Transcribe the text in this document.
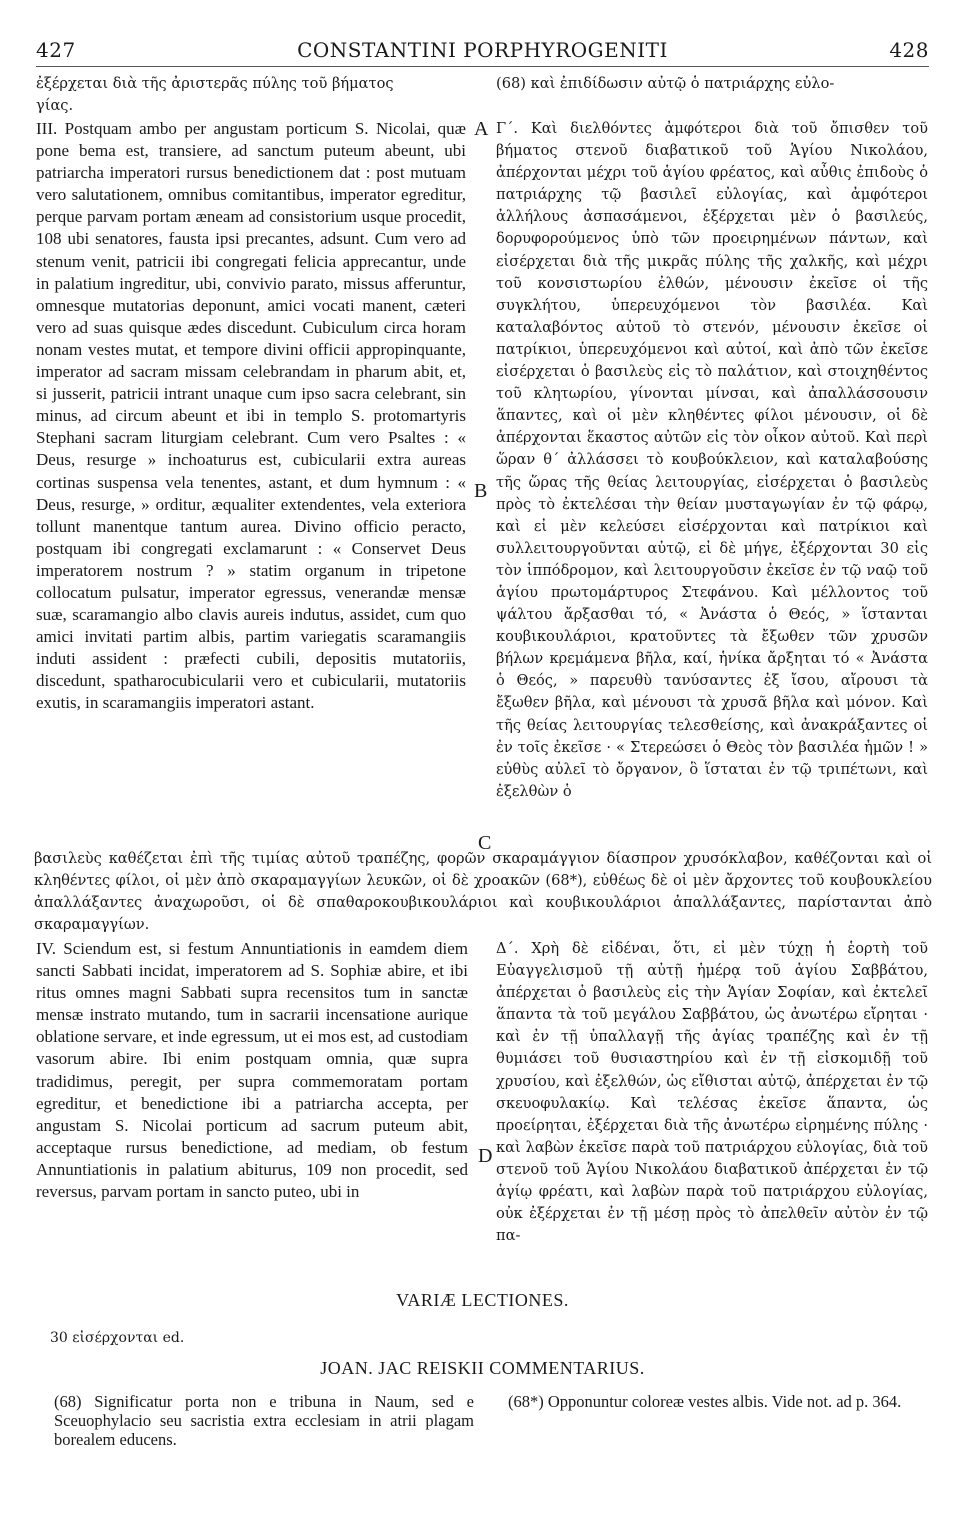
427	CONSTANTINI PORPHYROGENITI	428

ἐξέρχεται διὰ τῆς ἀριστερᾶς πύλης τοῦ βήματος

γίας.

(68) καὶ ἐπιδίδωσιν αὐτῷ ὁ πατριάρχης εὐλο-

III. Postquam ambo per angustam porticum S. Nicolai, quæ pone bema est, transiere, ad sanctum puteum abeunt, ubi patriarcha imperatori rursus benedictionem dat : post mutuam vero salutationem, omnibus comitantibus, imperator egreditur, perque parvam portam æneam ad consistorium usque procedit, 108 ubi senatores, fausta ipsi precantes, adsunt. Cum vero ad stenum venit, patricii ibi congregati felicia apprecantur, unde in palatium ingreditur, ubi, convivio parato, missus afferuntur, omnesque mutatorias deponunt, amici vocati manent, cæteri vero ad suas quisque ædes discedunt. Cubiculum circa horam nonam vestes mutat, et tempore divini officii appropinquante, imperator ad sacram missam celebrandam in pharum abit, et, si jusserit, patricii intrant unaque cum ipso sacra celebrant, sin minus, ad circum abeunt et ibi in templo S. protomartyris Stephani sacram liturgiam celebrant. Cum vero Psaltes : « Deus, resurge » inchoaturus est, cubicularii extra aureas cortinas suspensa vela tenentes, astant, et dum hymnum : « Deus, resurge, » orditur, æqualiter extendentes, vela exteriora tollunt manentque tantum aurea. Divino officio peracto, postquam ibi congregati exclamarunt : « Conservet Deus imperatorem nostrum ? » statim organum in tripetone collocatum pulsatur, imperator egressus, venerandæ mensæ suæ, scaramangio albo clavis aureis indutus, assidet, cum quo amici invitati partim albis, partim variegatis scaramangiis induti assident : præfecti cubili, depositis mutatoriis, discedunt, spatharocubicularii vero et cubicularii, mutatoriis exutis, in scaramangiis imperatori astant.

Γ΄. Καὶ διελθόντες ἀμφότεροι διὰ τοῦ ὄπισθεν τοῦ βήματος στενοῦ διαβατικοῦ τοῦ Ἁγίου Νικολάου, ἀπέρχονται μέχρι τοῦ ἁγίου φρέατος, καὶ αὖθις ἐπιδοὺς ὁ πατριάρχης τῷ βασιλεῖ εὐλογίας, καὶ ἀμφότεροι ἀλλήλους ἀσπασάμενοι, ἐξέρχεται μὲν ὁ βασιλεύς, δορυφορούμενος ὑπὸ τῶν προειρημένων πάντων, καὶ εἰσέρχεται διὰ τῆς μικρᾶς πύλης τῆς χαλκῆς, καὶ μέχρι τοῦ κονσιστωρίου ἐλθών, μένουσιν ἐκεῖσε οἱ τῆς συγκλήτου, ὑπερευχόμενοι τὸν βασιλέα. Καὶ καταλαβόντος αὐτοῦ τὸ στενόν, μένουσιν ἐκεῖσε οἱ πατρίκιοι, ὑπερευχόμενοι καὶ αὐτοί, καὶ ἀπὸ τῶν ἐκεῖσε εἰσέρχεται ὁ βασιλεὺς εἰς τὸ παλάτιον, καὶ στοιχηθέντος τοῦ κλητωρίου, γίνονται μίνσαι, καὶ ἀπαλλάσσουσιν ἅπαντες, καὶ οἱ μὲν κληθέντες φίλοι μένουσιν, οἱ δὲ ἀπέρχονται ἕκαστος αὐτῶν εἰς τὸν οἶκον αὐτοῦ. Καὶ περὶ ὥραν θ΄ ἀλλάσσει τὸ κουβούκλειον, καὶ καταλαβούσης τῆς ὥρας τῆς θείας λειτουργίας, εἰσέρχεται ὁ βασιλεὺς πρὸς τὸ ἐκτελέσαι τὴν θείαν μυσταγωγίαν ἐν τῷ φάρῳ, καὶ εἰ μὲν κελεύσει εἰσέρχονται καὶ πατρίκιοι καὶ συλλειτουργοῦνται αὐτῷ, εἰ δὲ μήγε, ἐξέρχονται 30 εἰς τὸν ἱππόδρομον, καὶ λειτουργοῦσιν ἐκεῖσε ἐν τῷ ναῷ τοῦ ἁγίου πρωτομάρτυρος Στεφάνου. Καὶ μέλλοντος τοῦ ψάλτου ἄρξασθαι τό, « Ἀνάστα ὁ Θεός, » ἵστανται κουβικουλάριοι, κρατοῦντες τὰ ἔξωθεν τῶν χρυσῶν βήλων κρεμάμενα βῆλα, καί, ἡνίκα ἄρξηται τό « Ἀνάστα ὁ Θεός, » παρευθὺ τανύσαντες ἐξ ἴσου, αἴρουσι τὰ ἔξωθεν βῆλα, καὶ μένουσι τὰ χρυσᾶ βῆλα καὶ μόνον. Καὶ τῆς θείας λειτουργίας τελεσθείσης, καὶ ἀνακράξαντες οἱ ἐν τοῖς ἐκεῖσε · « Στερεώσει ὁ Θεὸς τὸν βασιλέα ἡμῶν ! » εὐθὺς αὐλεῖ τὸ ὄργανον, ὃ ἵσταται ἐν τῷ τριπέτωνι, καὶ ἐξελθὼν ὁ

A
B
C
D

βασιλεὺς καθέζεται ἐπὶ τῆς τιμίας αὐτοῦ τραπέζης, φορῶν σκαραμάγγιον δίασπρον χρυσόκλαβον, καθέζονται καὶ οἱ κληθέντες φίλοι, οἱ μὲν ἀπὸ σκαραμαγγίων λευκῶν, οἱ δὲ χροακῶν (68*), εὐθέως δὲ οἱ μὲν ἄρχοντες τοῦ κουβουκλείου ἀπαλλάξαντες ἀναχωροῦσι, οἱ δὲ σπαθαροκουβικουλάριοι καὶ κουβικουλάριοι ἀπαλλάξαντες, παρίστανται ἀπὸ σκαραμαγγίων.

IV. Sciendum est, si festum Annuntiationis in eamdem diem sancti Sabbati incidat, imperatorem ad S. Sophiæ abire, et ibi ritus omnes magni Sabbati supra recensitos tum in sanctæ mensæ instrato mutando, tum in sacrarii incensatione aurique oblatione servare, et inde egressum, ut ei mos est, ad custodiam vasorum abire. Ibi enim postquam omnia, quæ supra tradidimus, peregit, per supra commemoratam portam egreditur, et benedictione ibi a patriarcha accepta, per angustam S. Nicolai porticum ad sacrum puteum abit, acceptaque rursus benedictione, ad mediam, ob festum Annuntiationis in palatium abiturus, 109 non procedit, sed reversus, parvam portam in sancto puteo, ubi in

Δ΄. Χρὴ δὲ εἰδέναι, ὅτι, εἰ μὲν τύχῃ ἡ ἑορτὴ τοῦ Εὐαγγελισμοῦ τῇ αὐτῇ ἡμέρᾳ τοῦ ἁγίου Σαββάτου, ἀπέρχεται ὁ βασιλεὺς εἰς τὴν Ἁγίαν Σοφίαν, καὶ ἐκτελεῖ ἅπαντα τὰ τοῦ μεγάλου Σαββάτου, ὡς ἀνωτέρω εἴρηται · καὶ ἐν τῇ ὑπαλλαγῇ τῆς ἁγίας τραπέζης καὶ ἐν τῇ θυμιάσει τοῦ θυσιαστηρίου καὶ ἐν τῇ εἰσκομιδῇ τοῦ χρυσίου, καὶ ἐξελθών, ὡς εἴθισται αὐτῷ, ἀπέρχεται ἐν τῷ σκευοφυλακίῳ. Καὶ τελέσας ἐκεῖσε ἅπαντα, ὡς προείρηται, ἐξέρχεται διὰ τῆς ἀνωτέρω εἰρημένης πύλης · καὶ λαβὼν ἐκεῖσε παρὰ τοῦ πατριάρχου εὐλογίας, διὰ τοῦ στενοῦ τοῦ Ἁγίου Νικολάου διαβατικοῦ ἀπέρχεται ἐν τῷ ἁγίῳ φρέατι, καὶ λαβὼν παρὰ τοῦ πατριάρχου εὐλογίας, οὐκ ἐξέρχεται ἐν τῇ μέσῃ πρὸς τὸ ἀπελθεῖν αὐτὸν ἐν τῷ πα-

VARIÆ LECTIONES.
30 εἰσέρχονται ed.
JOAN. JAC REISKII COMMENTARIUS.
(68) Significatur porta non e tribuna in Naum, sed e Sceuophylacio seu sacristia extra ecclesiam in atrii plagam borealem educens.
(68*) Opponuntur coloreæ vestes albis. Vide not. ad p. 364.
